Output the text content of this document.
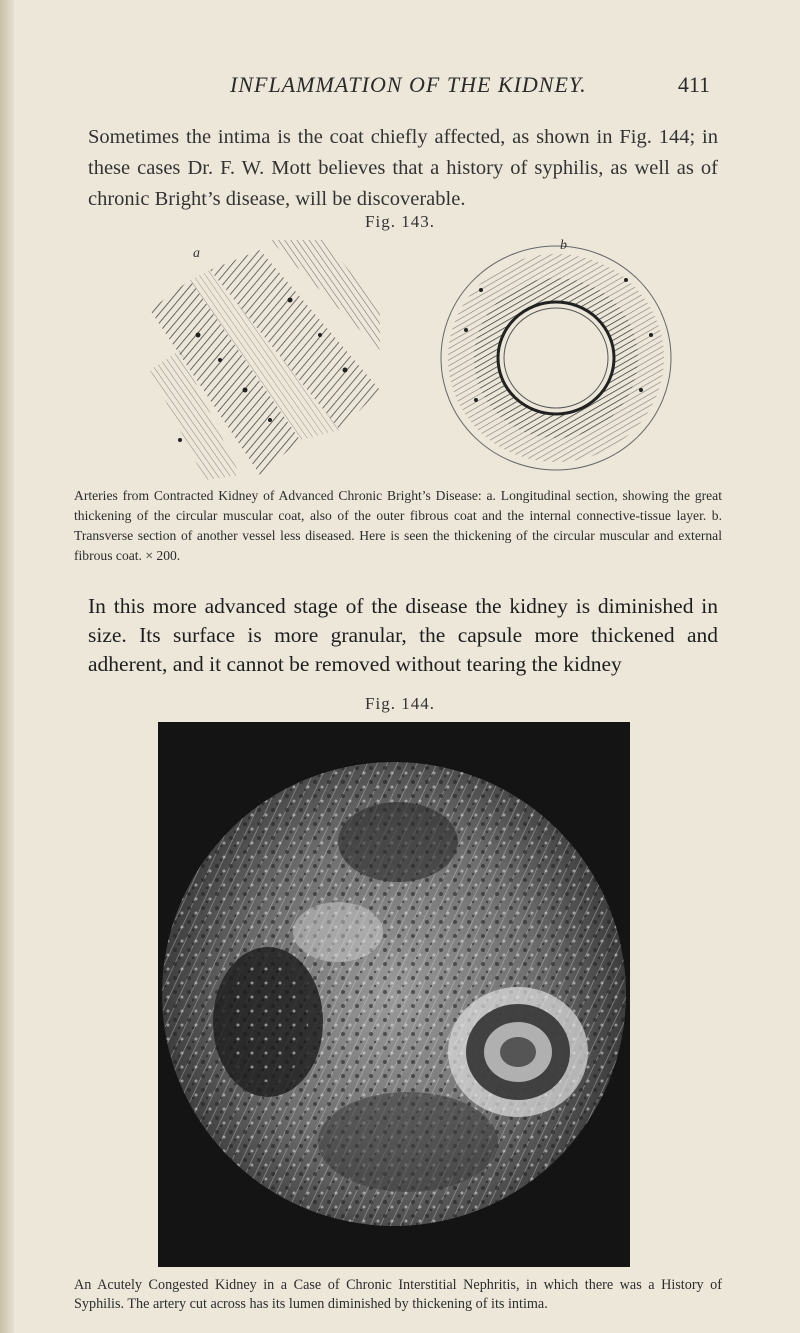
INFLAMMATION OF THE KIDNEY.	411

Sometimes the intima is the coat chiefly affected, as shown in Fig. 144; in these cases Dr. F. W. Mott believes that a history of syphilis, as well as of chronic Bright’s disease, will be discoverable.

Fig. 143.
a
b

Arteries from Contracted Kidney of Advanced Chronic Bright’s Disease: a. Longitudinal section, showing the great thickening of the circular muscular coat, also of the outer fibrous coat and the internal connective-tissue layer. b. Transverse section of another vessel less diseased. Here is seen the thickening of the circular muscular and external fibrous coat. × 200.

In this more advanced stage of the disease the kidney is diminished in size. Its surface is more granular, the capsule more thickened and adherent, and it cannot be removed without tearing the kidney

Fig. 144.

An Acutely Congested Kidney in a Case of Chronic Interstitial Nephritis, in which there was a History of Syphilis. The artery cut across has its lumen diminished by thickening of its intima.
